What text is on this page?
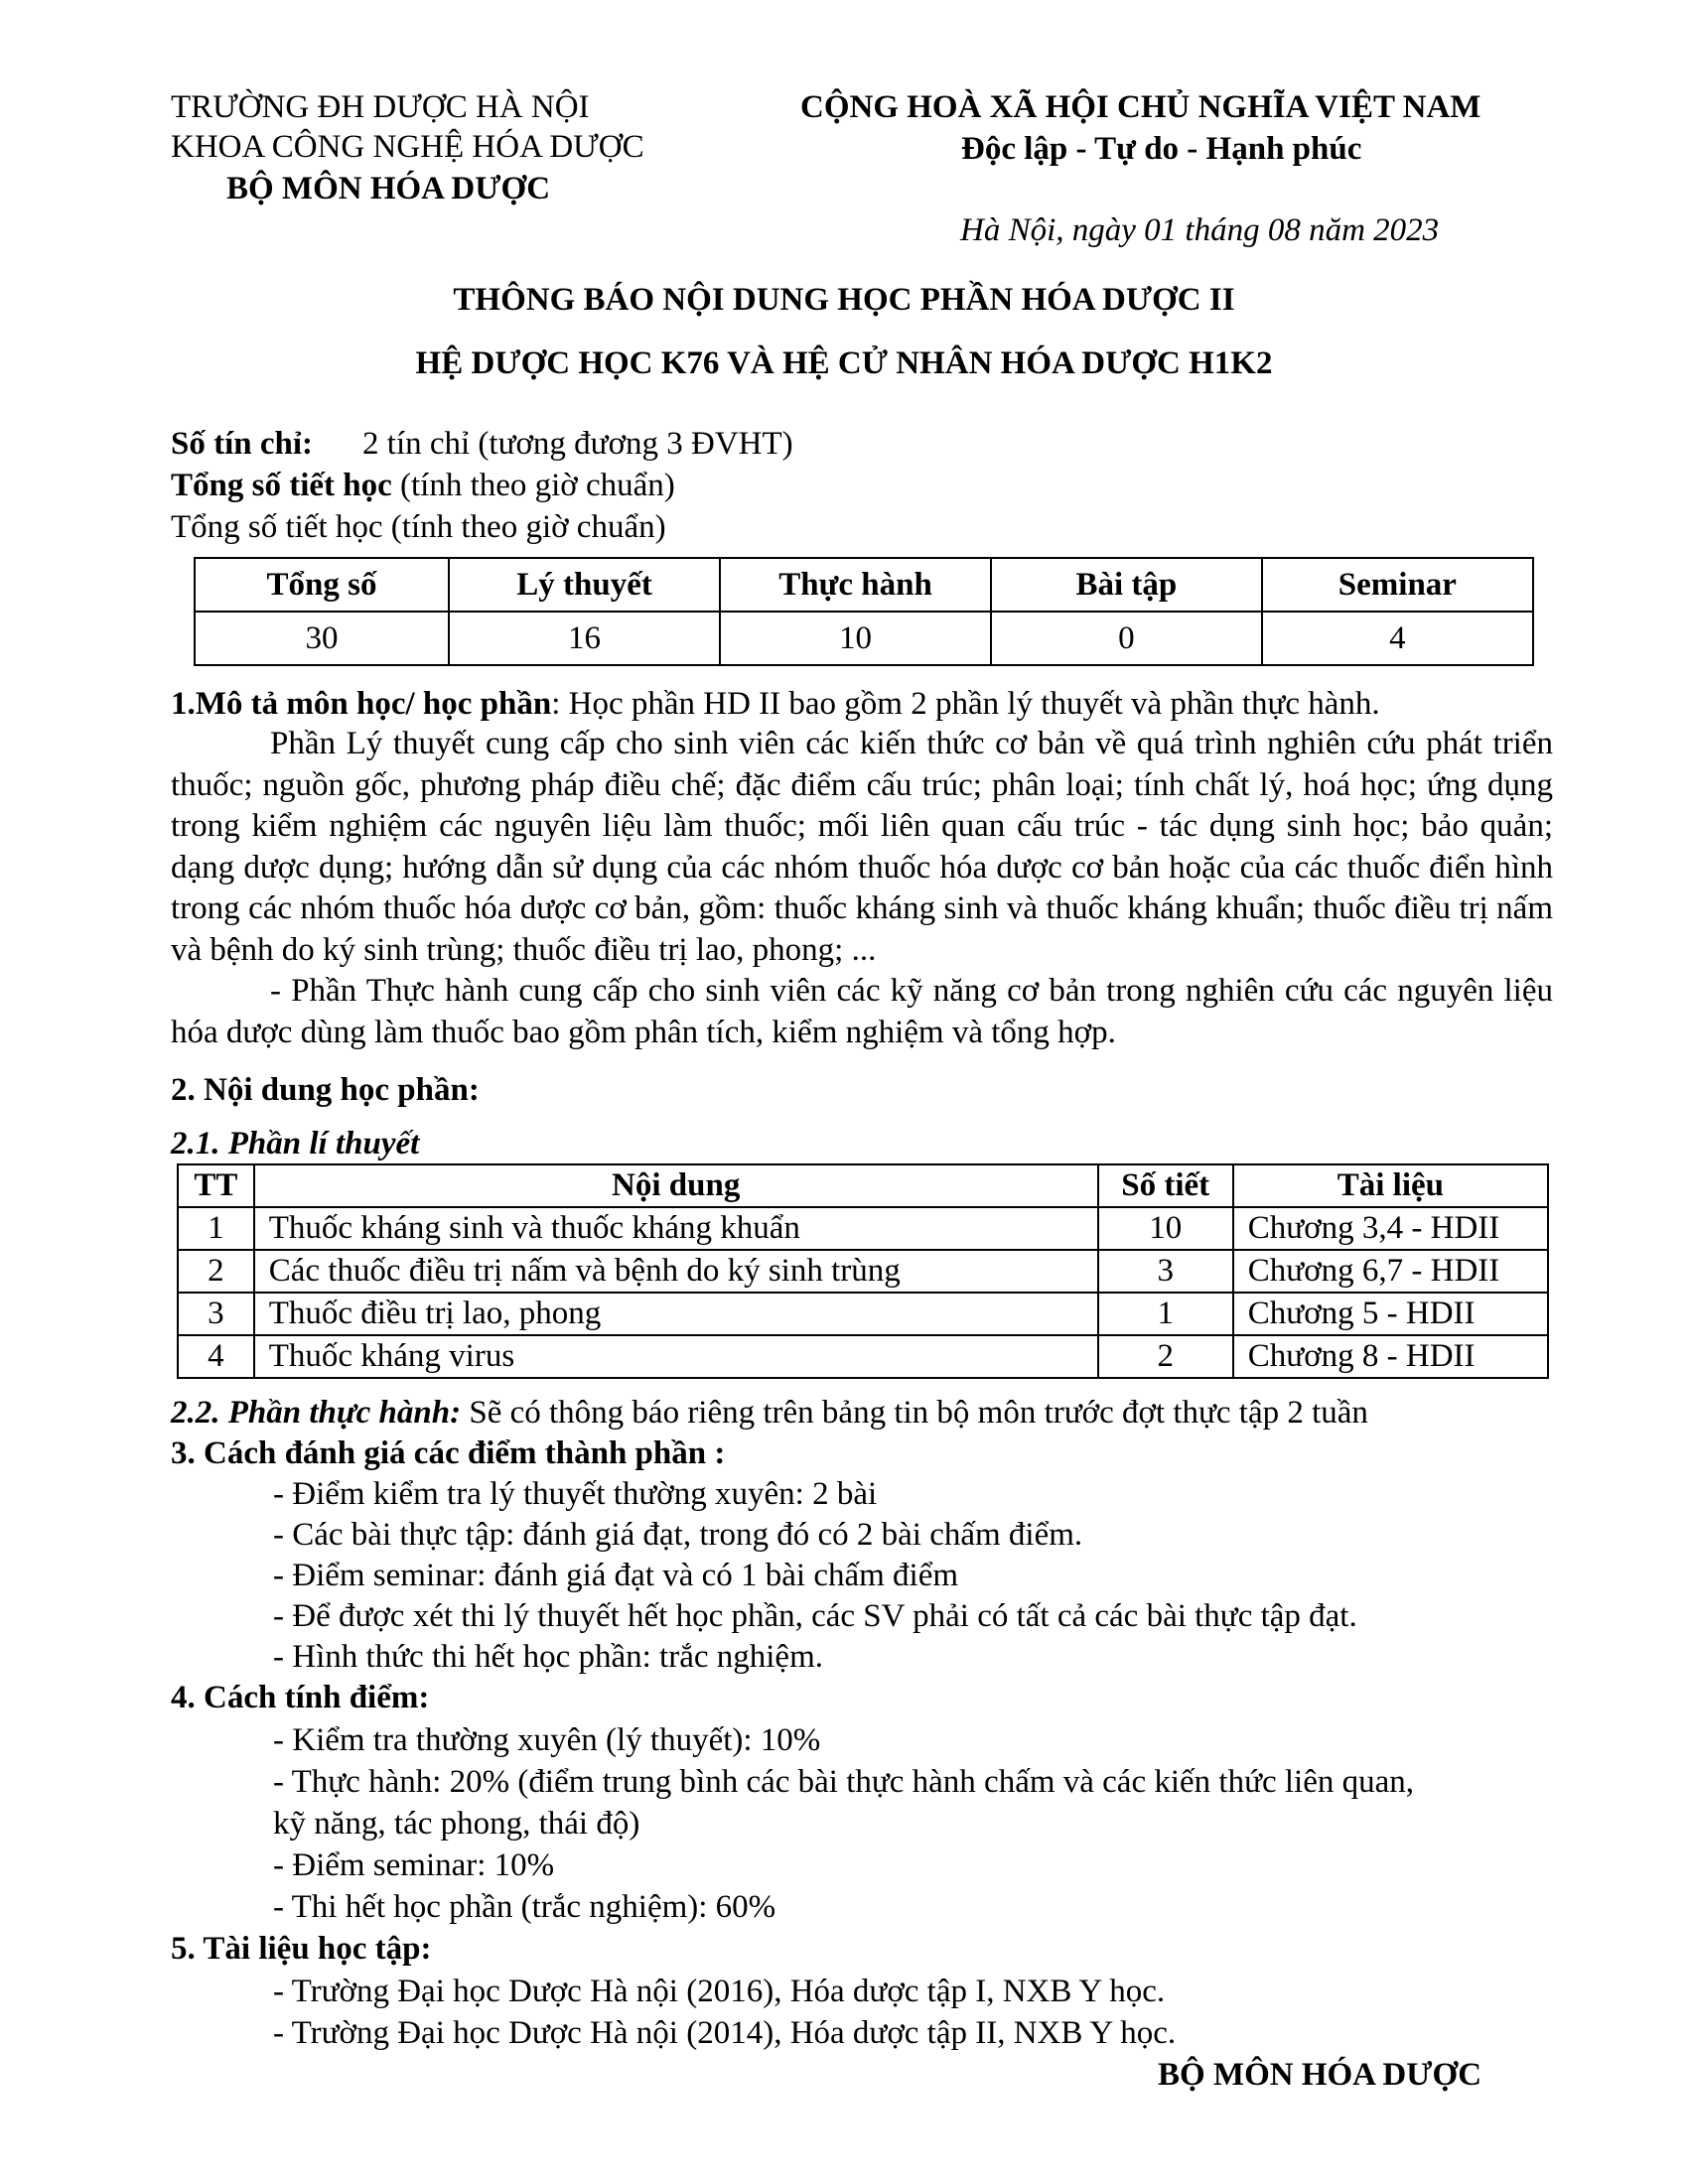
TRƯỜNG ĐH DƯỢC HÀ NỘI
KHOA CÔNG NGHỆ HÓA DƯỢC
BỘ MÔN HÓA DƯỢC
CỘNG HOÀ XÃ HỘI CHỦ NGHĨA VIỆT NAM
Độc lập - Tự do - Hạnh phúc
Hà Nội, ngày 01 tháng 08 năm 2023
THÔNG BÁO NỘI DUNG HỌC PHẦN HÓA DƯỢC II
HỆ DƯỢC HỌC K76 VÀ HỆ CỬ NHÂN HÓA DƯỢC H1K2
Số tín chỉ: 2 tín chỉ (tương đương 3 ĐVHT)
Tổng số tiết học (tính theo giờ chuẩn)
Tổng số tiết học (tính theo giờ chuẩn)
Tổng số	Lý thuyết	Thực hành	Bài tập	Seminar
30	16	10	0	4
1.Mô tả môn học/ học phần: Học phần HD II bao gồm 2 phần lý thuyết và phần thực hành.

Phần Lý thuyết cung cấp cho sinh viên các kiến thức cơ bản về quá trình nghiên cứu phát triển thuốc; nguồn gốc, phương pháp điều chế; đặc điểm cấu trúc; phân loại; tính chất lý, hoá học; ứng dụng trong kiểm nghiệm các nguyên liệu làm thuốc; mối liên quan cấu trúc - tác dụng sinh học; bảo quản; dạng dược dụng; hướng dẫn sử dụng của các nhóm thuốc hóa dược cơ bản hoặc của các thuốc điển hình trong các nhóm thuốc hóa dược cơ bản, gồm: thuốc kháng sinh và thuốc kháng khuẩn; thuốc điều trị nấm và bệnh do ký sinh trùng; thuốc điều trị lao, phong; ...

- Phần Thực hành cung cấp cho sinh viên các kỹ năng cơ bản trong nghiên cứu các nguyên liệu hóa dược dùng làm thuốc bao gồm phân tích, kiểm nghiệm và tổng hợp.

2. Nội dung học phần:
2.1. Phần lí thuyết
TT	Nội dung	Số tiết	Tài liệu
1	Thuốc kháng sinh và thuốc kháng khuẩn	10	Chương 3,4 - HDII
2	Các thuốc điều trị nấm và bệnh do ký sinh trùng	3	Chương 6,7 - HDII
3	Thuốc điều trị lao, phong	1	Chương 5 - HDII
4	Thuốc kháng virus	2	Chương 8 - HDII
2.2. Phần thực hành: Sẽ có thông báo riêng trên bảng tin bộ môn trước đợt thực tập 2 tuần
3. Cách đánh giá các điểm thành phần :
- Điểm kiểm tra lý thuyết thường xuyên: 2 bài
- Các bài thực tập: đánh giá đạt, trong đó có 2 bài chấm điểm.
- Điểm seminar: đánh giá đạt và có 1 bài chấm điểm
- Để được xét thi lý thuyết hết học phần, các SV phải có tất cả các bài thực tập đạt.
- Hình thức thi hết học phần: trắc nghiệm.
4. Cách tính điểm:
- Kiểm tra thường xuyên (lý thuyết): 10%
- Thực hành: 20% (điểm trung bình các bài thực hành chấm và các kiến thức liên quan,
kỹ năng, tác phong, thái độ)
- Điểm seminar: 10%
- Thi hết học phần (trắc nghiệm): 60%
5. Tài liệu học tập:
- Trường Đại học Dược Hà nội (2016), Hóa dược tập I, NXB Y học.
- Trường Đại học Dược Hà nội (2014), Hóa dược tập II, NXB Y học.
BỘ MÔN HÓA DƯỢC
